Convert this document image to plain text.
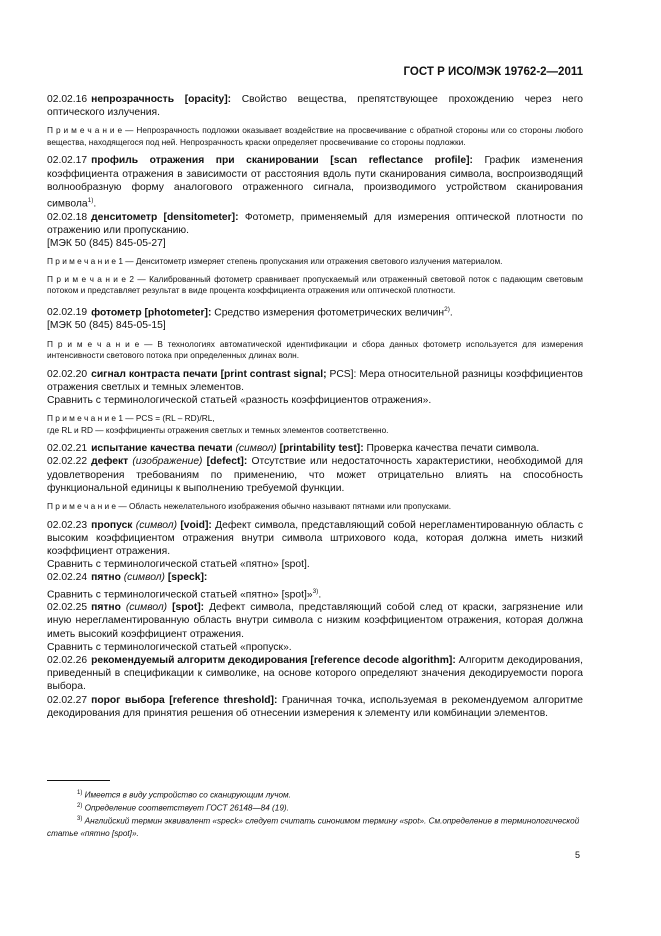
ГОСТ Р ИСО/МЭК 19762-2—2011

02.02.16 непрозрачность [opacity]: Свойство вещества, препятствующее прохождению через него оптического излучения.

П р и м е ч а н и е — Непрозрачность подложки оказывает воздействие на просвечивание с обратной стороны или со стороны любого вещества, находящегося под ней. Непрозрачность краски определяет просвечивание со стороны подложки.

02.02.17 профиль отражения при сканировании [scan reflectance profile]: График изменения коэффициента отражения в зависимости от расстояния вдоль пути сканирования символа, воспроизводящий волнообразную форму аналогового отраженного сигнала, производимого устройством сканирования символа$^{1)}$.

02.02.18 денситометр [densitometer]: Фотометр, применяемый для измерения оптической плотности по отражению или пропусканию.

[МЭК 50 (845) 845-05-27]

П р и м е ч а н и е 1 — Денситометр измеряет степень пропускания или отражения светового излучения материалом.

П р и м е ч а н и е 2 — Калиброванный фотометр сравнивает пропускаемый или отраженный световой поток с падающим световым потоком и представляет результат в виде процента коэффициента отражения или оптической плотности.

02.02.19 фотометр [photometer]: Средство измерения фотометрических величин$^{2)}$.

[МЭК 50 (845) 845-05-15]

П р и м е ч а н и е — В технологиях автоматической идентификации и сбора данных фотометр используется для измерения интенсивности светового потока при определенных длинах волн.

02.02.20 сигнал контраста печати [print contrast signal; PCS]: Мера относительной разницы коэффициентов отражения светлых и темных элементов.

Сравнить с терминологической статьей «разность коэффициентов отражения».

П р и м е ч а н и е 1 — PCS = (RL – RD)/RL,

где RL и RD — коэффициенты отражения светлых и темных элементов соответственно.

02.02.21 испытание качества печати (символ) [printability test]: Проверка качества печати символа.

02.02.22 дефект (изображение) [defect]: Отсутствие или недостаточность характеристики, необходимой для удовлетворения требованиям по применению, что может отрицательно влиять на способность функциональной единицы к выполнению требуемой функции.

П р и м е ч а н и е — Область нежелательного изображения обычно называют пятнами или пропусками.

02.02.23 пропуск (символ) [void]: Дефект символа, представляющий собой нерегламентированную область с высоким коэффициентом отражения внутри символа штрихового кода, которая должна иметь низкий коэффициент отражения.

Сравнить с терминологической статьей «пятно» [spot].

02.02.24 пятно (символ) [speck]:

Сравнить с терминологической статьей «пятно» [spot]»$^{3)}$.

02.02.25 пятно (символ) [spot]: Дефект символа, представляющий собой след от краски, загрязнение или иную нерегламентированную область внутри символа с низким коэффициентом отражения, которая должна иметь высокий коэффициент отражения.

Сравнить с терминологической статьей «пропуск».

02.02.26 рекомендуемый алгоритм декодирования [reference decode algorithm]: Алгоритм декодирования, приведенный в спецификации к символике, на основе которого определяют значения декодируемости порога выбора.

02.02.27 порог выбора [reference threshold]: Граничная точка, используемая в рекомендуемом алгоритме декодирования для принятия решения об отнесении измерения к элементу или комбинации элементов.

$^{1)}$ Имеется в виду устройство со сканирующим лучом.

$^{2)}$ Определение соответствует ГОСТ 26148—84 (19).

$^{3)}$ Английский термин эквивалент «speck» следует считать синонимом термину «spot». См.определение в терминологической статье «пятно [spot]».

5
